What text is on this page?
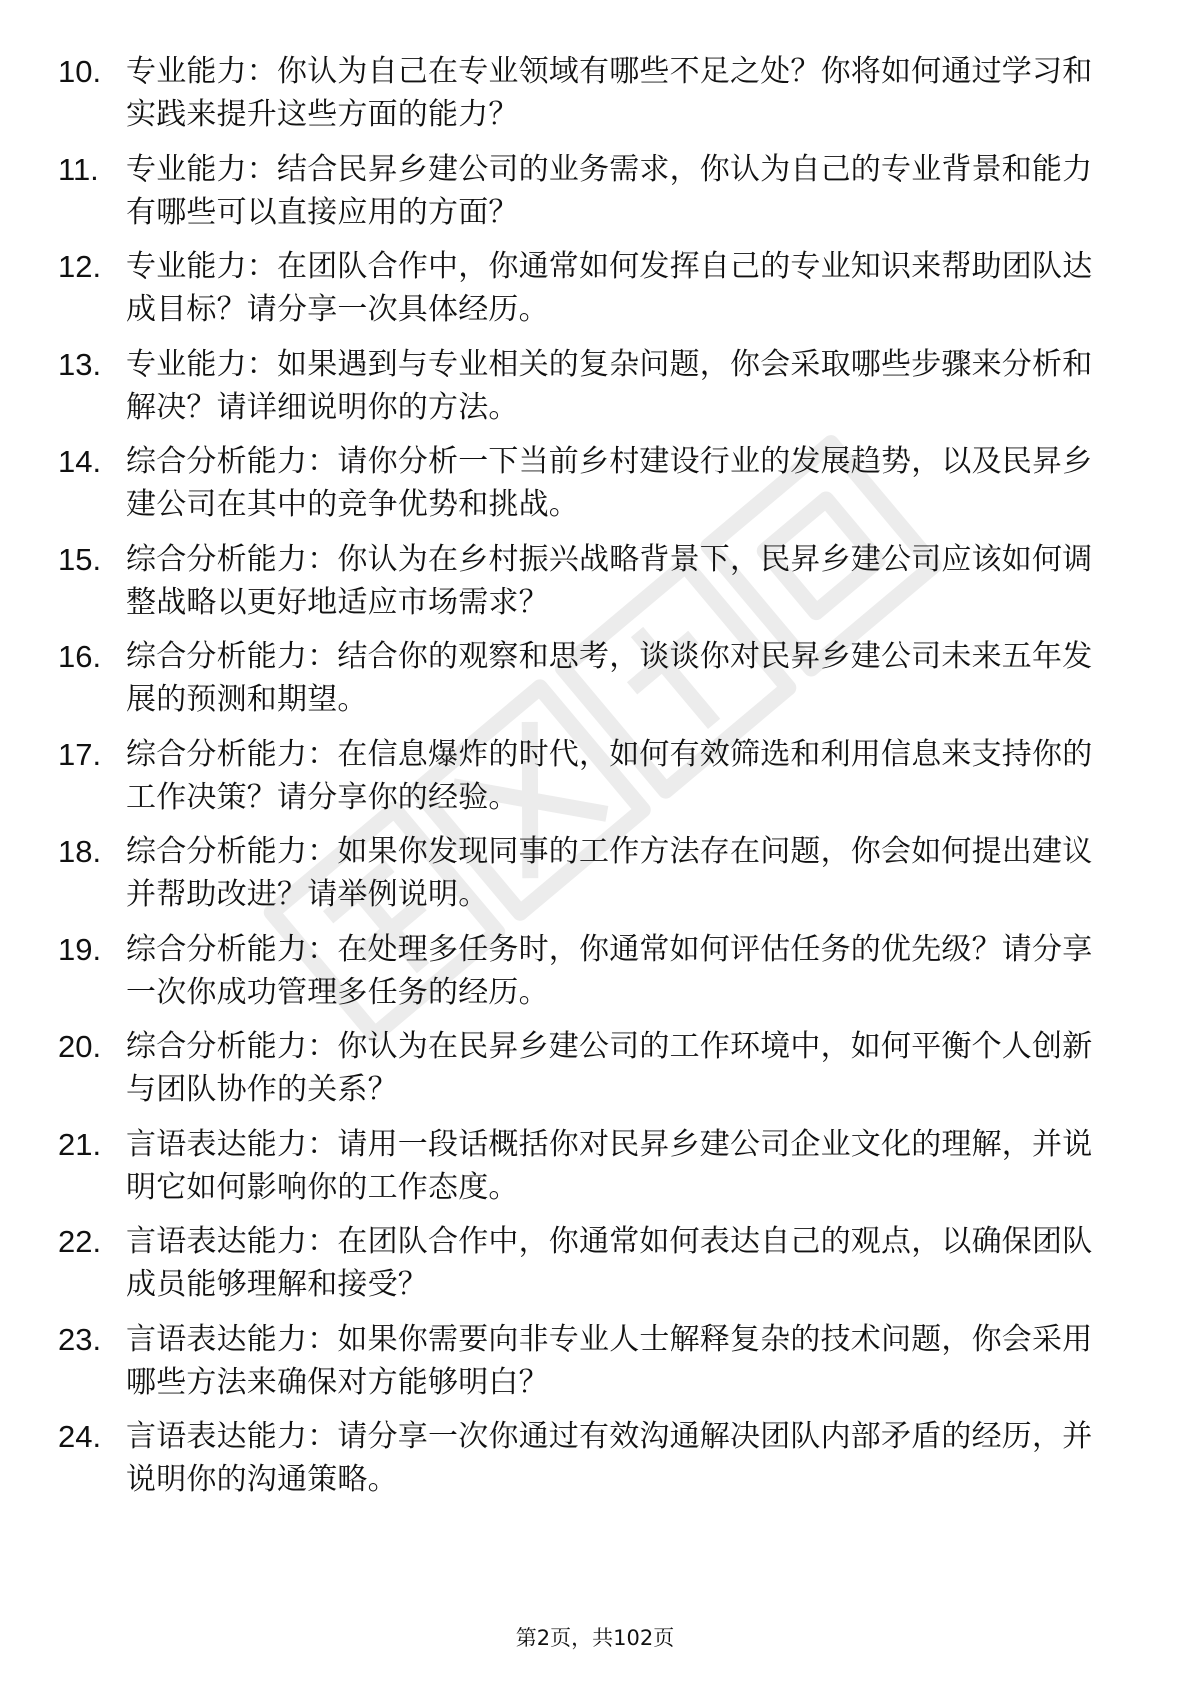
10. 专业能力：你认为自己在专业领域有哪些不足之处？你将如何通过学习和实践来提升这些方面的能力？
11. 专业能力：结合民昇乡建公司的业务需求，你认为自己的专业背景和能力有哪些可以直接应用的方面？
12. 专业能力：在团队合作中，你通常如何发挥自己的专业知识来帮助团队达成目标？请分享一次具体经历。
13. 专业能力：如果遇到与专业相关的复杂问题，你会采取哪些步骤来分析和解决？请详细说明你的方法。
14. 综合分析能力：请你分析一下当前乡村建设行业的发展趋势，以及民昇乡建公司在其中的竞争优势和挑战。
15. 综合分析能力：你认为在乡村振兴战略背景下，民昇乡建公司应该如何调整战略以更好地适应市场需求？
16. 综合分析能力：结合你的观察和思考，谈谈你对民昇乡建公司未来五年发展的预测和期望。
17. 综合分析能力：在信息爆炸的时代，如何有效筛选和利用信息来支持你的工作决策？请分享你的经验。
18. 综合分析能力：如果你发现同事的工作方法存在问题，你会如何提出建议并帮助改进？请举例说明。
19. 综合分析能力：在处理多任务时，你通常如何评估任务的优先级？请分享一次你成功管理多任务的经历。
20. 综合分析能力：你认为在民昇乡建公司的工作环境中，如何平衡个人创新与团队协作的关系？
21. 言语表达能力：请用一段话概括你对民昇乡建公司企业文化的理解，并说明它如何影响你的工作态度。
22. 言语表达能力：在团队合作中，你通常如何表达自己的观点，以确保团队成员能够理解和接受？
23. 言语表达能力：如果你需要向非专业人士解释复杂的技术问题，你会采用哪些方法来确保对方能够明白？
24. 言语表达能力：请分享一次你通过有效沟通解决团队内部矛盾的经历，并说明你的沟通策略。
第2页，共102页
